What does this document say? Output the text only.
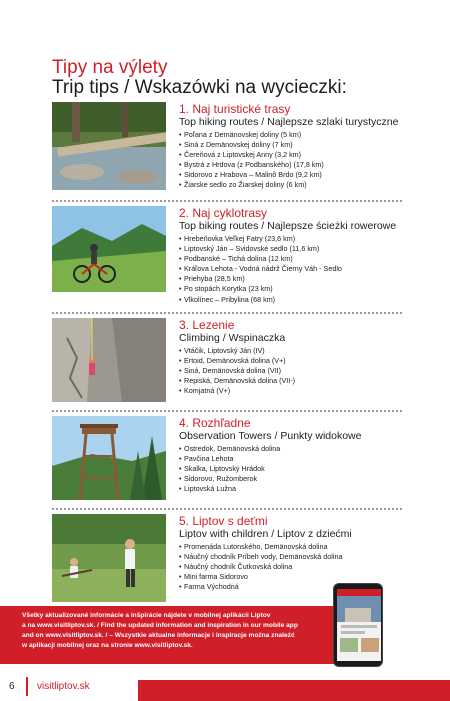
Tipy na výlety
Trip tips / Wskazówki na wycieczki:
1. Naj turistické trasy
Top hiking routes / Najlepsze szlaki turystyczne
• Poľana z Demänovskej doliny (5 km)
• Siná z Demänovskej doliny (7 km)
• Čereňová z Liptovskej Anny (3,2 km)
• Bystrá z Hrdova (z Podbanského) (17,8 km)
• Sidorovo z Hrabova – Malinô Brdo (9,2 km)
• Žiarske sedlo zo Žiarskej doliny (6 km)
2. Naj cyklotrasy
Top biking routes / Najlepsze ścieżki rowerowe
• Hrebeňovka Veľkej Fatry (23,6 km)
• Liptovský Ján – Svidovské sedlo (11,6 km)
• Podbanské – Tichá dolina (12 km)
• Kráľova Lehota - Vodná nádrž Čierny Váh - Sedlo
• Priehyba (28,5 km)
• Po stopách Korytka (23 km)
• Vlkolínec – Pribylina (68 km)
3. Lezenie
Climbing / Wspinaczka
• Vtáčik, Liptovský Ján (IV)
• Ertoid, Demänovská dolina (V+)
• Siná, Demänovská dolina (VII)
• Repiská, Demänovská dolina (VII-)
• Komjatná (V+)
4. Rozhľadne
Observation Towers / Punkty widokowe
• Ostredok, Demänovská dolina
• Pavčina Lehota
• Skalka, Liptovský Hrádok
• Sidorovo, Ružomberok
• Liptovská Lužna
5. Liptov s deťmi
Liptov with children / Liptov z dziećmi
• Promenáda Lutonského, Demänovská dolina
• Náučný chodník Príbeh vody, Demänovská dolina
• Náučný chodník Čutkovská dolina
• Mini farma Sidorovo
• Farma Východná
Všetky aktualizované informácie a inšpirácie nájdete v mobilnej aplikácii Liptov
a na www.visitliptov.sk. / Find the updated information and inspiration in our mobile app
and on www.visitliptov.sk. / – Wszystkie aktualne informacje i inspiracje można znaleźć
w aplikacji mobilnej oraz na stronie www.visitliptov.sk.
6 visitliptov.sk
